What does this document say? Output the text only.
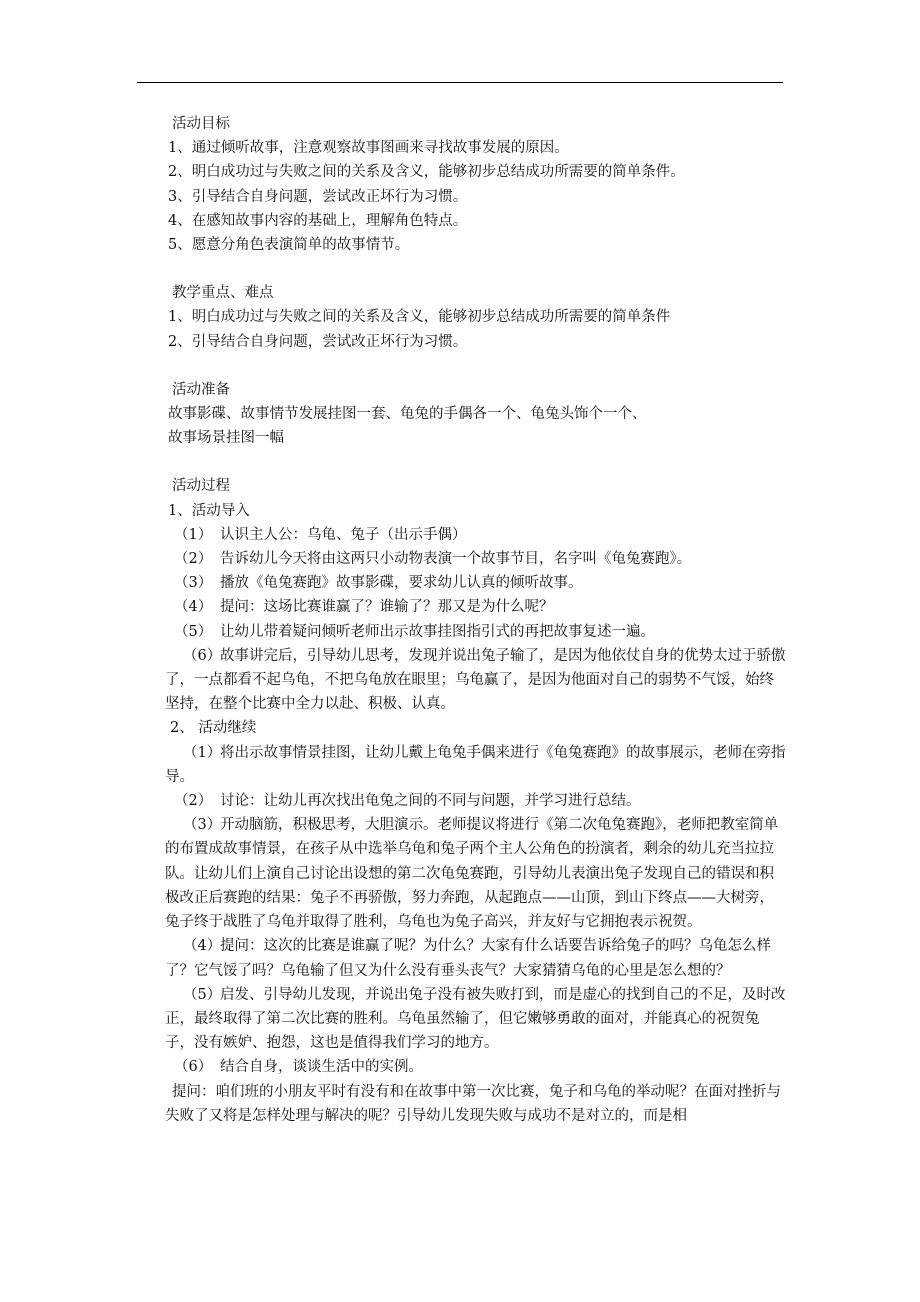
活动目标

1、通过倾听故事，注意观察故事图画来寻找故事发展的原因。

2、明白成功过与失败之间的关系及含义，能够初步总结成功所需要的简单条件。

3、引导结合自身问题，尝试改正坏行为习惯。

4、在感知故事内容的基础上，理解角色特点。

5、愿意分角色表演简单的故事情节。

教学重点、难点

1、明白成功过与失败之间的关系及含义，能够初步总结成功所需要的简单条件

2、引导结合自身问题，尝试改正坏行为习惯。

活动准备

故事影碟、故事情节发展挂图一套、龟兔的手偶各一个、龟兔头饰个一个、

故事场景挂图一幅

活动过程

1、活动导入

（1） 认识主人公：乌龟、兔子（出示手偶）

（2） 告诉幼儿今天将由这两只小动物表演一个故事节目，名字叫《龟兔赛跑》。

（3） 播放《龟兔赛跑》故事影碟，要求幼儿认真的倾听故事。

（4） 提问：这场比赛谁赢了？谁输了？那又是为什么呢？

（5） 让幼儿带着疑问倾听老师出示故事挂图指引式的再把故事复述一遍。

（6）故事讲完后，引导幼儿思考，发现并说出兔子输了，是因为他依仗自身的优势太过于骄傲了，一点都看不起乌龟，不把乌龟放在眼里；乌龟赢了，是因为他面对自己的弱势不气馁，始终坚持，在整个比赛中全力以赴、积极、认真。

2、 活动继续

（1）将出示故事情景挂图，让幼儿戴上龟兔手偶来进行《龟兔赛跑》的故事展示，老师在旁指导。

（2） 讨论：让幼儿再次找出龟兔之间的不同与问题，并学习进行总结。

（3）开动脑筋，积极思考，大胆演示。老师提议将进行《第二次龟兔赛跑》，老师把教室简单的布置成故事情景，在孩子从中选举乌龟和兔子两个主人公角色的扮演者，剩余的幼儿充当拉拉队。让幼儿们上演自己讨论出设想的第二次龟兔赛跑，引导幼儿表演出兔子发现自己的错误和积极改正后赛跑的结果：兔子不再骄傲，努力奔跑，从起跑点——山顶，到山下终点——大树旁，兔子终于战胜了乌龟并取得了胜利，乌龟也为兔子高兴，并友好与它拥抱表示祝贺。

（4）提问：这次的比赛是谁赢了呢？为什么？大家有什么话要告诉给兔子的吗？乌龟怎么样了？它气馁了吗？乌龟输了但又为什么没有垂头丧气？大家猜猜乌龟的心里是怎么想的？

（5）启发、引导幼儿发现，并说出兔子没有被失败打到，而是虚心的找到自己的不足，及时改正，最终取得了第二次比赛的胜利。乌龟虽然输了，但它嫩够勇敢的面对，并能真心的祝贺兔子，没有嫉妒、抱怨，这也是值得我们学习的地方。

（6） 结合自身，谈谈生活中的实例。

提问：咱们班的小朋友平时有没有和在故事中第一次比赛，兔子和乌龟的举动呢？在面对挫折与失败了又将是怎样处理与解决的呢？引导幼儿发现失败与成功不是对立的，而是相
